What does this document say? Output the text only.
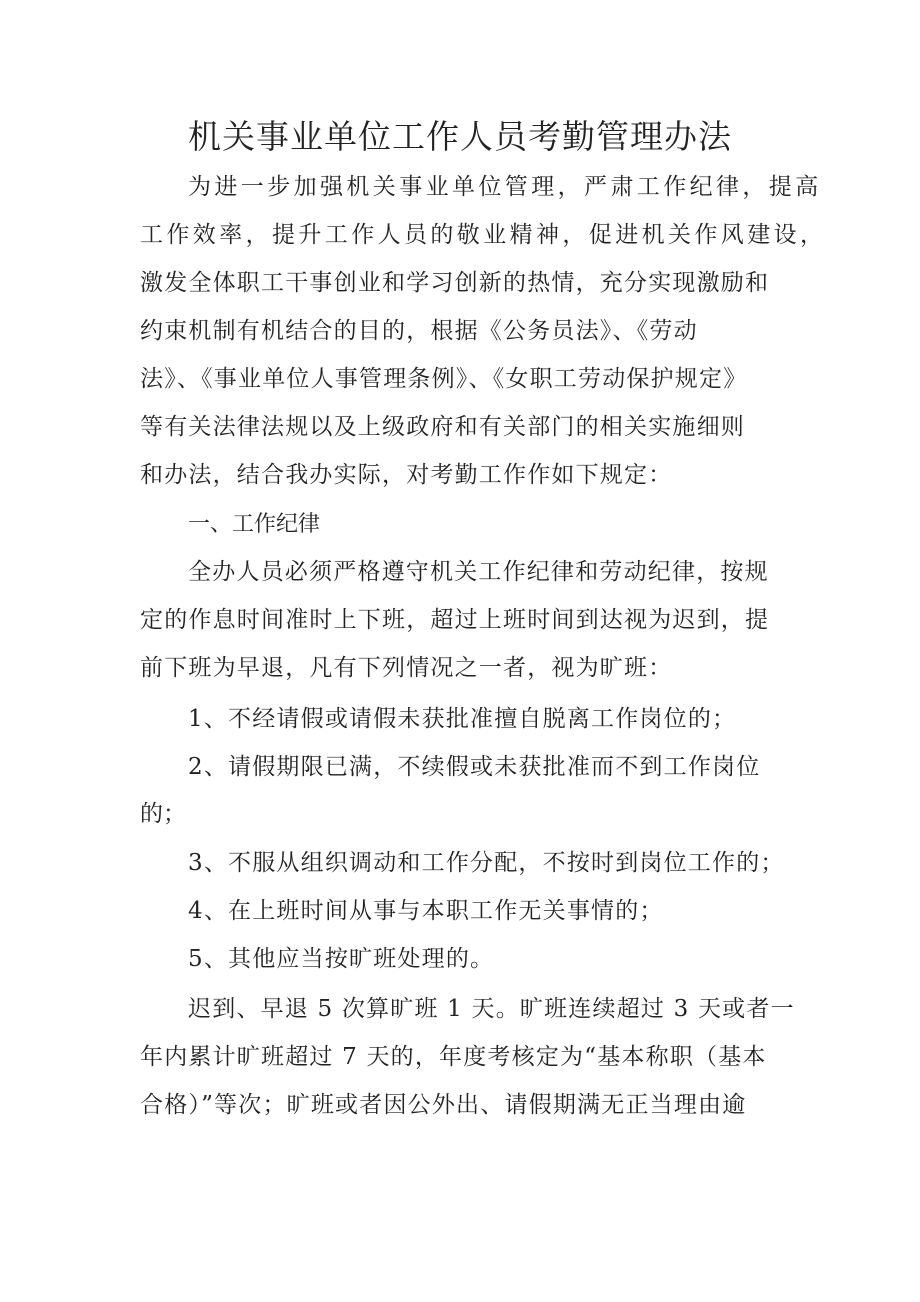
机关事业单位工作人员考勤管理办法
为进一步加强机关事业单位管理，严肃工作纪律，提高
工作效率，提升工作人员的敬业精神，促进机关作风建设，
激发全体职工干事创业和学习创新的热情，充分实现激励和
约束机制有机结合的目的，根据《公务员法》、《劳动
法》、《事业单位人事管理条例》、《女职工劳动保护规定》
等有关法律法规以及上级政府和有关部门的相关实施细则
和办法，结合我办实际，对考勤工作作如下规定：
一、工作纪律
全办人员必须严格遵守机关工作纪律和劳动纪律，按规
定的作息时间准时上下班，超过上班时间到达视为迟到，提
前下班为早退，凡有下列情况之一者，视为旷班：
1、不经请假或请假未获批准擅自脱离工作岗位的；
2、请假期限已满，不续假或未获批准而不到工作岗位
的；
3、不服从组织调动和工作分配，不按时到岗位工作的；
4、在上班时间从事与本职工作无关事情的；
5、其他应当按旷班处理的。
迟到、早退 5 次算旷班 1 天。旷班连续超过 3 天或者一
年内累计旷班超过 7 天的，年度考核定为“基本称职（基本
合格）”等次；旷班或者因公外出、请假期满无正当理由逾
